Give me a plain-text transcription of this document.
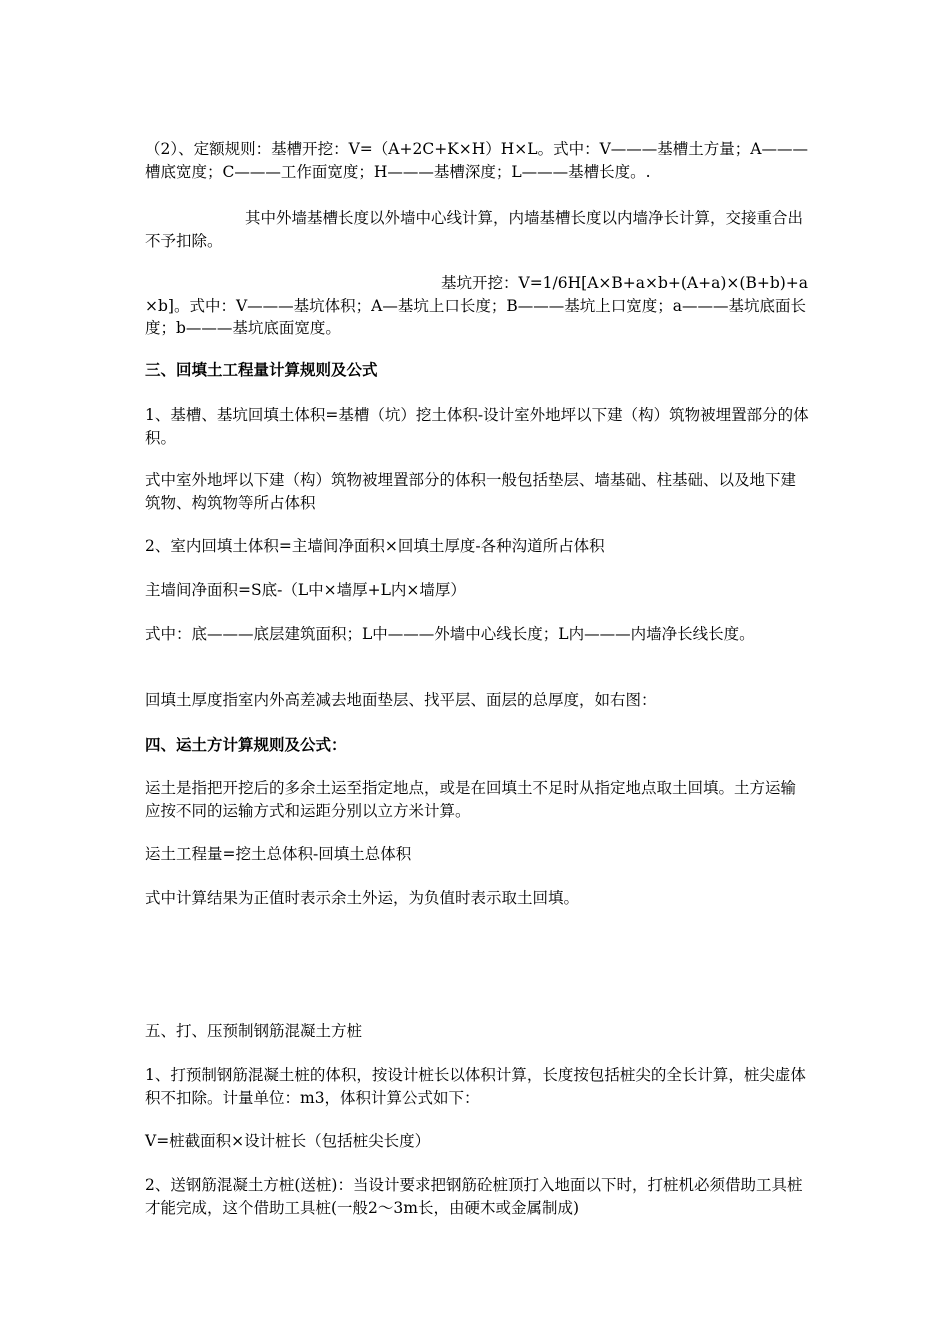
（2）、定额规则：基槽开挖：V=（A+2C+K×H）H×L。式中：V———基槽土方量；A———槽底宽度；C———工作面宽度；H———基槽深度；L———基槽长度。.

其中外墙基槽长度以外墙中心线计算，内墙基槽长度以内墙净长计算，交接重合出不予扣除。

基坑开挖：V=1/6H[A×B+a×b+(A+a)×(B+b)+a×b]。式中：V———基坑体积；A—基坑上口长度；B———基坑上口宽度；a———基坑底面长度；b———基坑底面宽度。

三、回填土工程量计算规则及公式

1、基槽、基坑回填土体积=基槽（坑）挖土体积-设计室外地坪以下建（构）筑物被埋置部分的体积。

式中室外地坪以下建（构）筑物被埋置部分的体积一般包括垫层、墙基础、柱基础、以及地下建筑物、构筑物等所占体积

2、室内回填土体积=主墙间净面积×回填土厚度-各种沟道所占体积

主墙间净面积=S底-（L中×墙厚+L内×墙厚）

式中：底———底层建筑面积；L中———外墙中心线长度；L内———内墙净长线长度。

回填土厚度指室内外高差减去地面垫层、找平层、面层的总厚度，如右图：

四、运土方计算规则及公式：

运土是指把开挖后的多余土运至指定地点，或是在回填土不足时从指定地点取土回填。土方运输应按不同的运输方式和运距分别以立方米计算。

运土工程量=挖土总体积-回填土总体积

式中计算结果为正值时表示余土外运，为负值时表示取土回填。

五、打、压预制钢筋混凝土方桩

1、打预制钢筋混凝土桩的体积，按设计桩长以体积计算，长度按包括桩尖的全长计算，桩尖虚体积不扣除。计量单位：m3，体积计算公式如下：

V=桩截面积×设计桩长（包括桩尖长度）

2、送钢筋混凝土方桩(送桩)：当设计要求把钢筋砼桩顶打入地面以下时，打桩机必须借助工具桩才能完成，这个借助工具桩(一般2～3m长，由硬木或金属制成)
